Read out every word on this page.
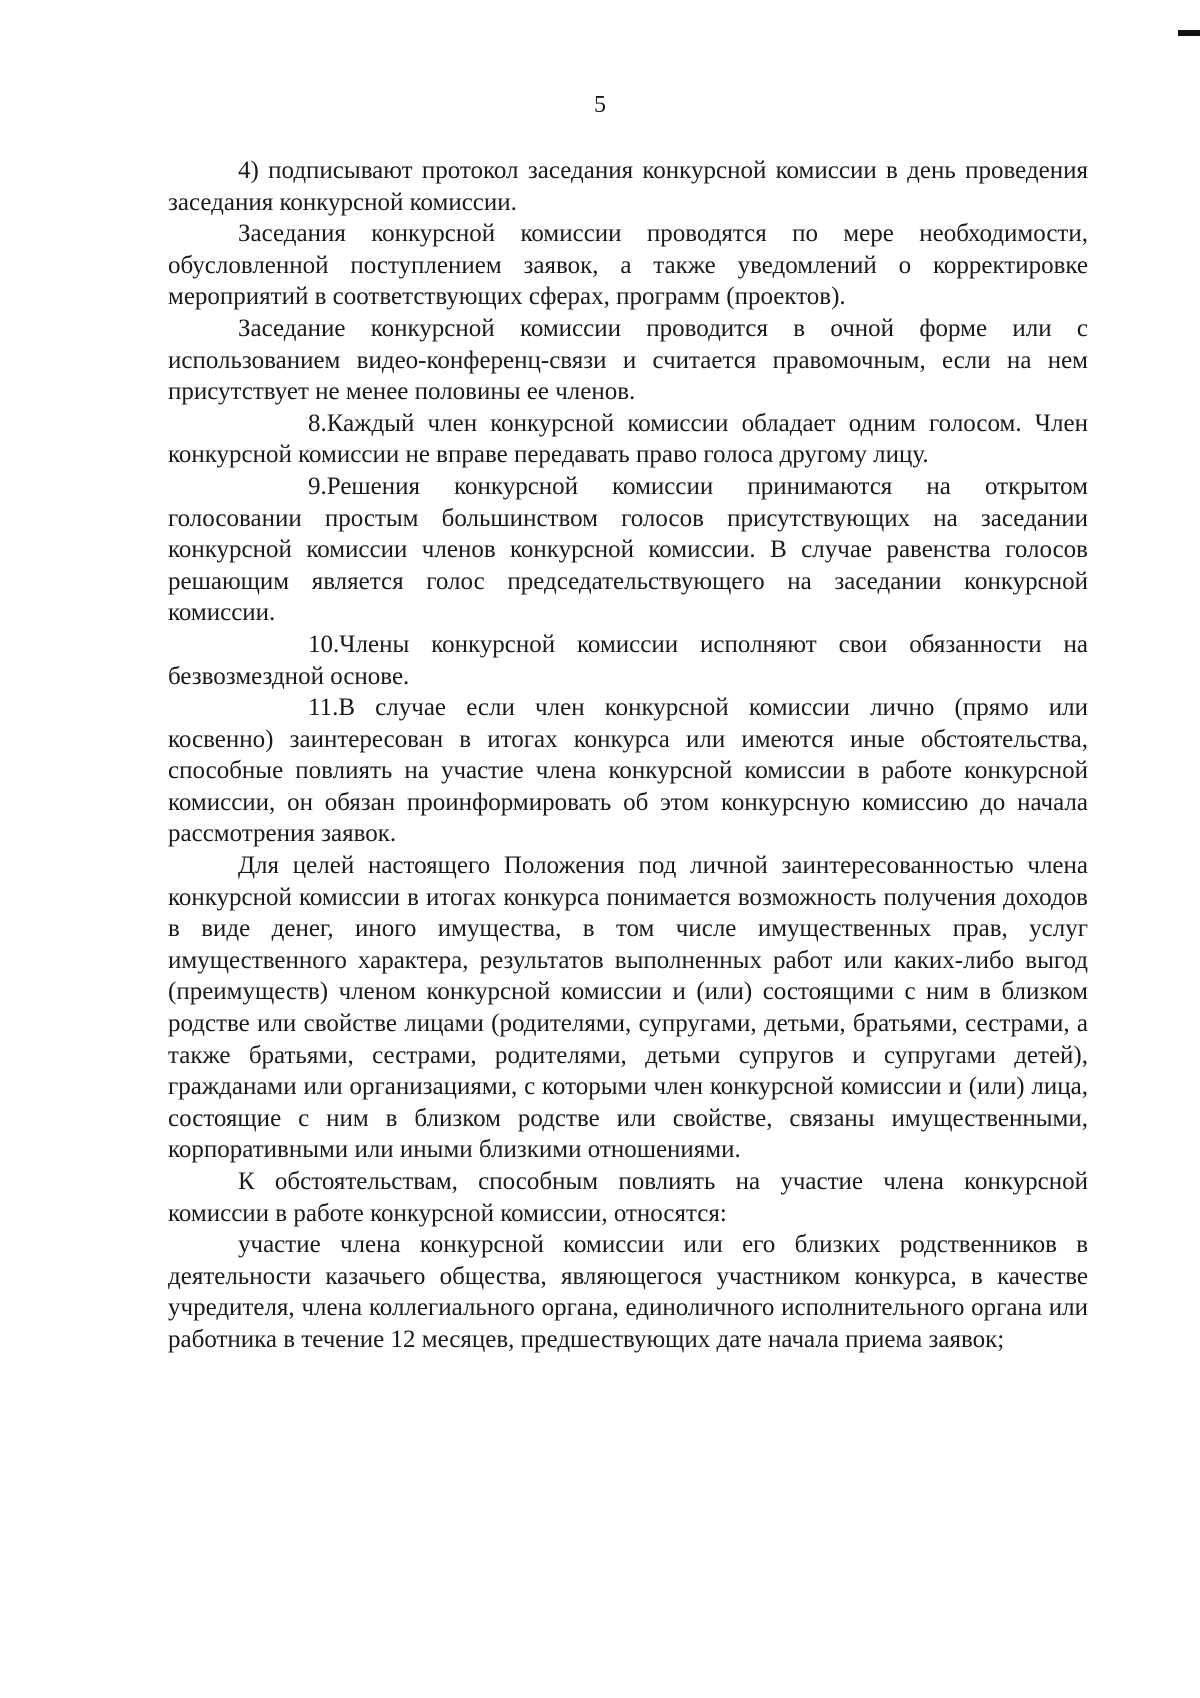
5

4) подписывают протокол заседания конкурсной комиссии в день проведения заседания конкурсной комиссии.

Заседания конкурсной комиссии проводятся по мере необходимости, обусловленной поступлением заявок, а также уведомлений о корректировке мероприятий в соответствующих сферах, программ (проектов).

Заседание конкурсной комиссии проводится в очной форме или с использованием видео-конференц-связи и считается правомочным, если на нем присутствует не менее половины ее членов.

8.Каждый член конкурсной комиссии обладает одним голосом. Член конкурсной комиссии не вправе передавать право голоса другому лицу.

9.Решения конкурсной комиссии принимаются на открытом голосовании простым большинством голосов присутствующих на заседании конкурсной комиссии членов конкурсной комиссии. В случае равенства голосов решающим является голос председательствующего на заседании конкурсной комиссии.

10.Члены конкурсной комиссии исполняют свои обязанности на безвозмездной основе.

11.В случае если член конкурсной комиссии лично (прямо или косвенно) заинтересован в итогах конкурса или имеются иные обстоятельства, способные повлиять на участие члена конкурсной комиссии в работе конкурсной комиссии, он обязан проинформировать об этом конкурсную комиссию до начала рассмотрения заявок.

Для целей настоящего Положения под личной заинтересованностью члена конкурсной комиссии в итогах конкурса понимается возможность получения доходов в виде денег, иного имущества, в том числе имущественных прав, услуг имущественного характера, результатов выполненных работ или каких-либо выгод (преимуществ) членом конкурсной комиссии и (или) состоящими с ним в близком родстве или свойстве лицами (родителями, супругами, детьми, братьями, сестрами, а также братьями, сестрами, родителями, детьми супругов и супругами детей), гражданами или организациями, с которыми член конкурсной комиссии и (или) лица, состоящие с ним в близком родстве или свойстве, связаны имущественными, корпоративными или иными близкими отношениями.

К обстоятельствам, способным повлиять на участие члена конкурсной комиссии в работе конкурсной комиссии, относятся:

участие члена конкурсной комиссии или его близких родственников в деятельности казачьего общества, являющегося участником конкурса, в качестве учредителя, члена коллегиального органа, единоличного исполнительного органа или работника в течение 12 месяцев, предшествующих дате начала приема заявок;
